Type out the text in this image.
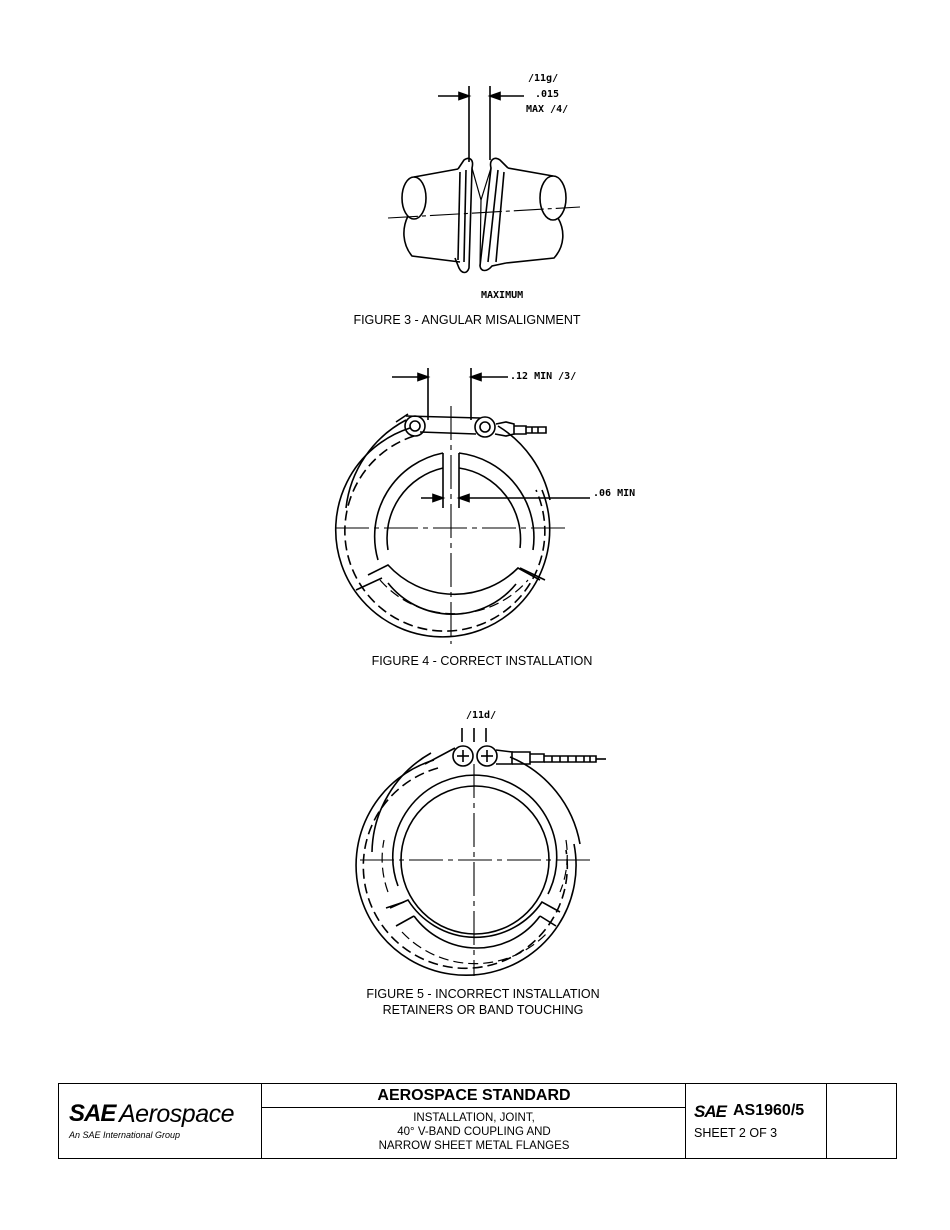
/11g/
.015
MAX /4/
MAXIMUM
FIGURE 3 - ANGULAR MISALIGNMENT
.12 MIN /3/
.06 MIN
FIGURE 4 - CORRECT INSTALLATION
/11d/
FIGURE 5 - INCORRECT INSTALLATION
RETAINERS OR BAND TOUCHING
SAE Aerospace
An SAE International Group
AEROSPACE STANDARD
INSTALLATION, JOINT,
40° V-BAND COUPLING AND
NARROW SHEET METAL FLANGES
SAE AS1960/5
SHEET 2 OF 3
